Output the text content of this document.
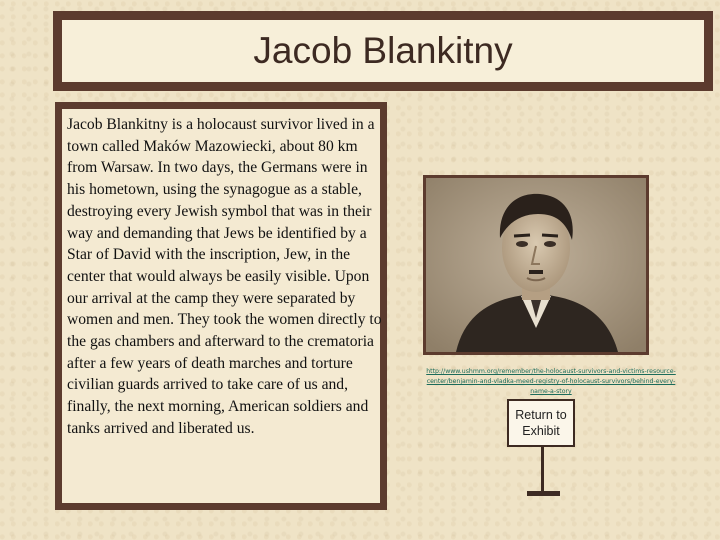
Jacob Blankitny

Jacob Blankitny is a holocaust survivor lived in a town called Maków Mazowiecki, about 80 km from Warsaw. In two days, the Germans were in his hometown, using the synagogue as a stable, destroying every Jewish symbol that was in their way and demanding that Jews be identified by a Star of David with the inscription, Jew, in the center that would always be easily visible. Upon our arrival at the camp they were separated by women and men. They took the women directly to the gas chambers and afterward to the crematoria after a few years of death marches and torture civilian guards arrived to take care of us and, finally, the next morning, American soldiers and tanks arrived and liberated us.

http://www.ushmm.org/remember/the-holocaust-survivors-and-victims-resource-center/benjamin-and-vladka-meed-registry-of-holocaust-survivors/behind-every-name-a-story
Return to Exhibit
